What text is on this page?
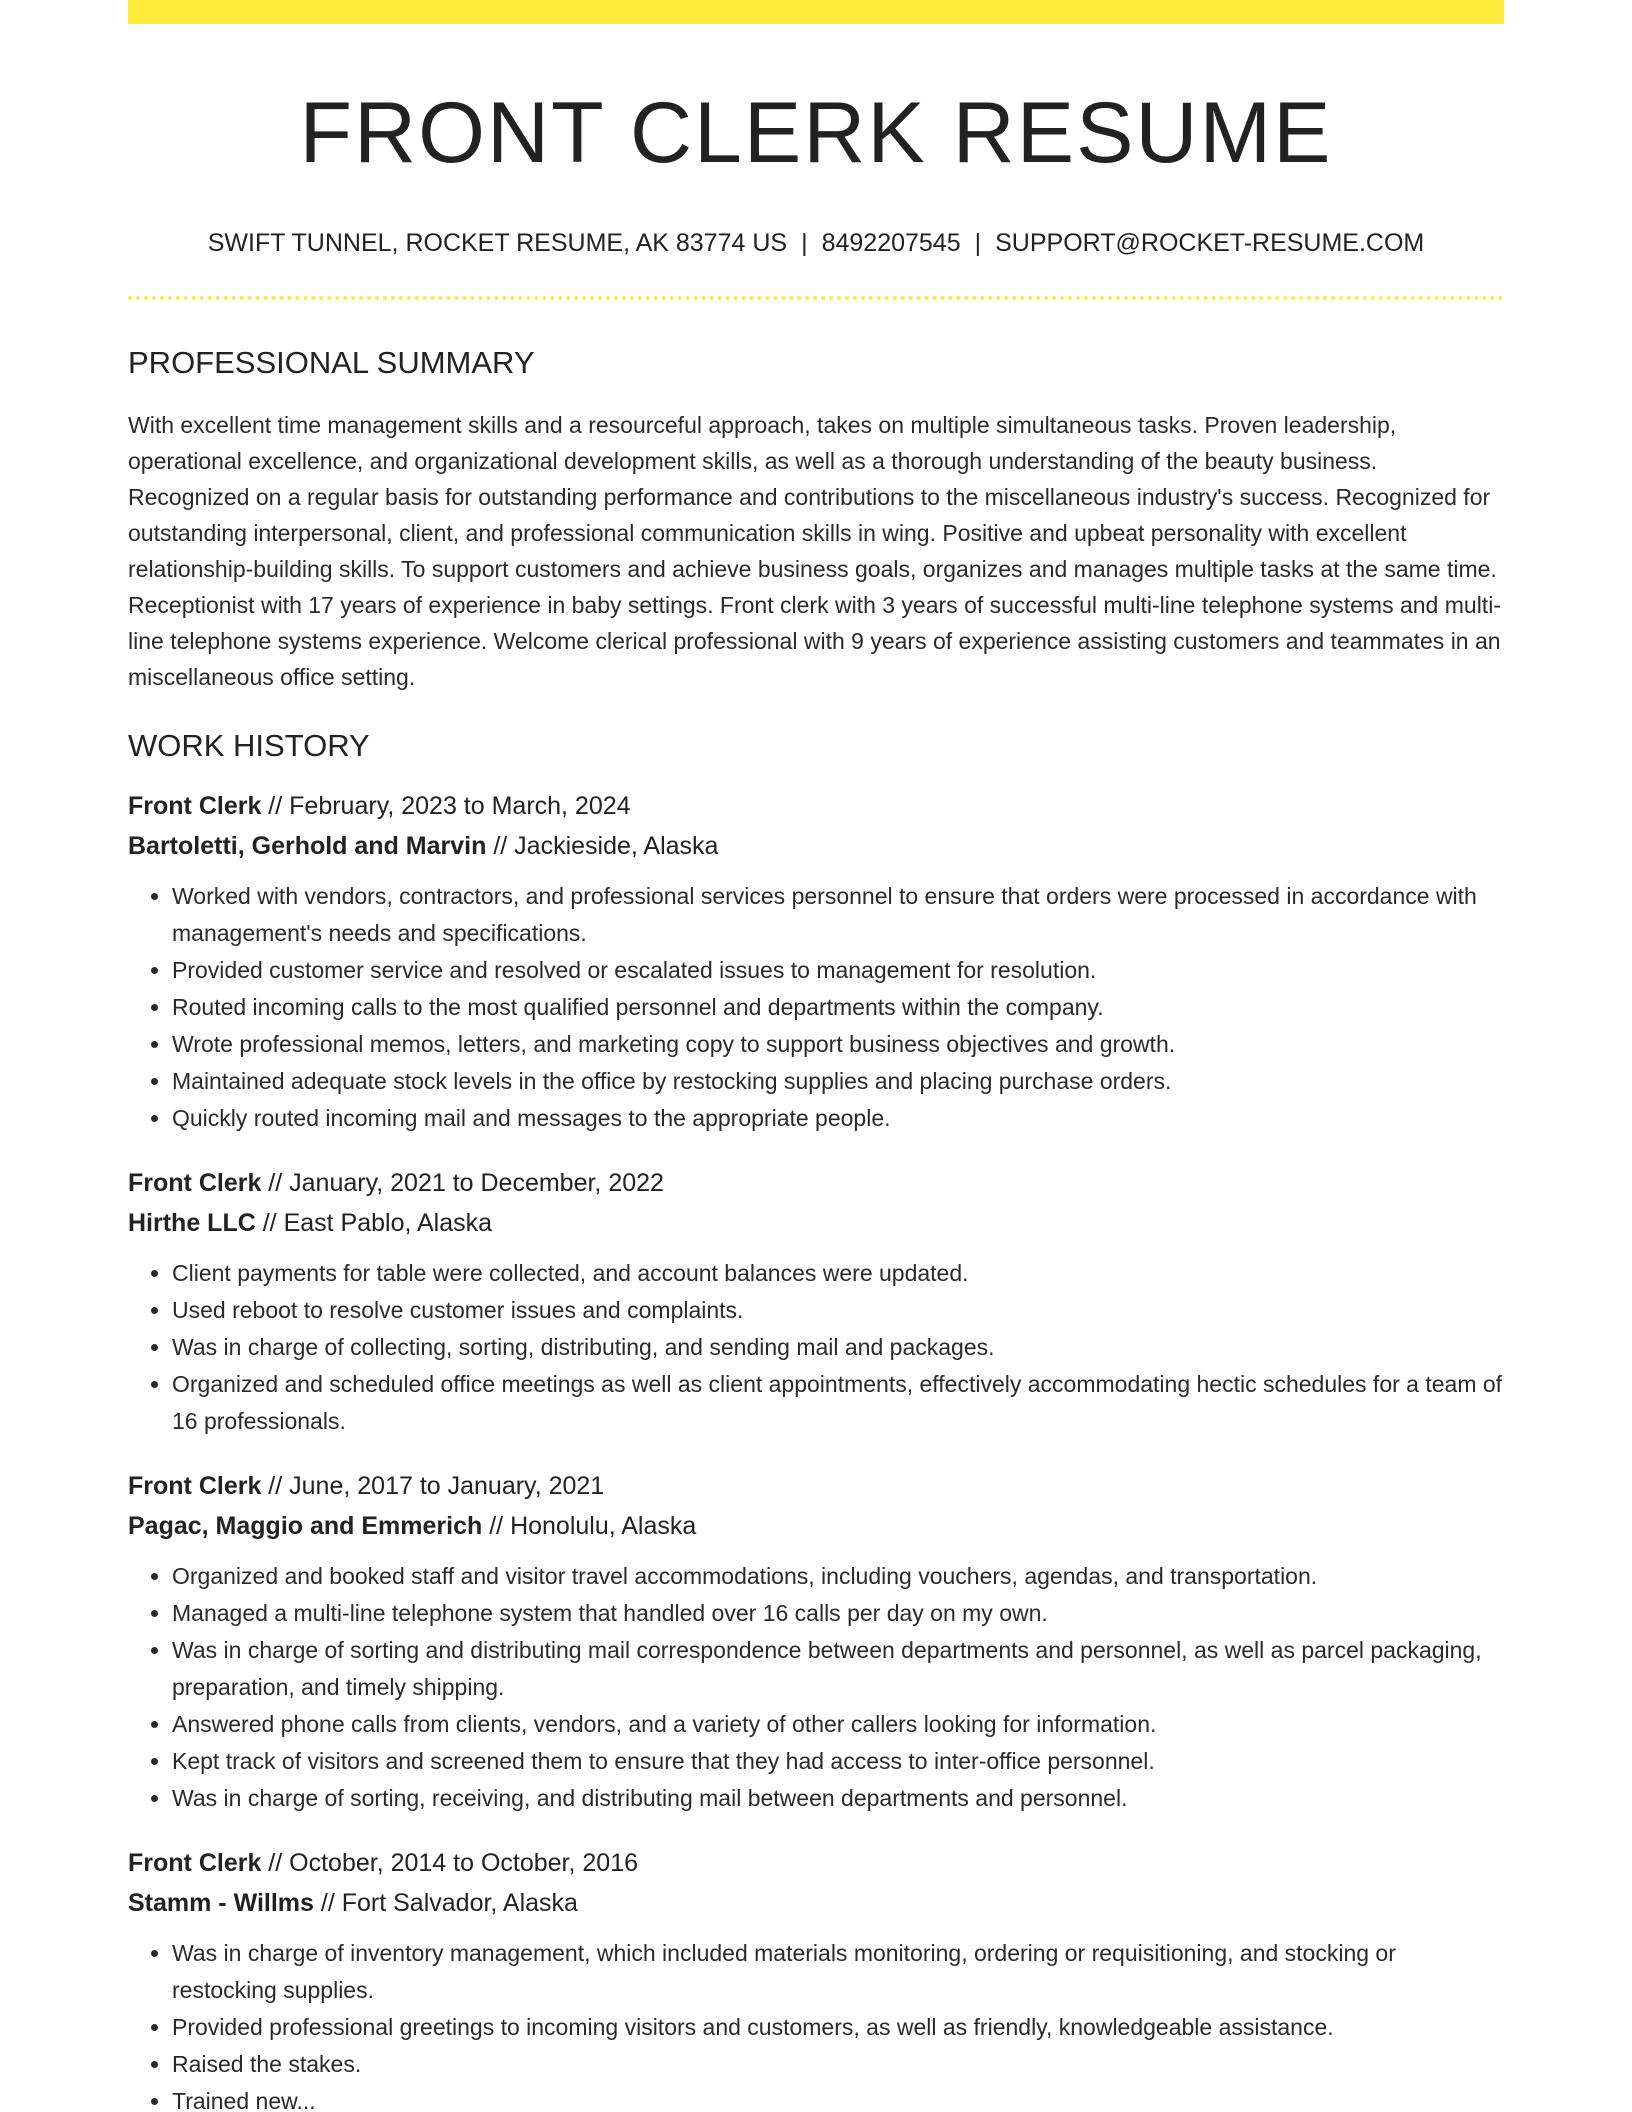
FRONT CLERK RESUME
SWIFT TUNNEL, ROCKET RESUME, AK 83774 US | 8492207545 | SUPPORT@ROCKET-RESUME.COM
PROFESSIONAL SUMMARY

With excellent time management skills and a resourceful approach, takes on multiple simultaneous tasks. Proven leadership, operational excellence, and organizational development skills, as well as a thorough understanding of the beauty business. Recognized on a regular basis for outstanding performance and contributions to the miscellaneous industry's success. Recognized for outstanding interpersonal, client, and professional communication skills in wing. Positive and upbeat personality with excellent relationship-building skills. To support customers and achieve business goals, organizes and manages multiple tasks at the same time. Receptionist with 17 years of experience in baby settings. Front clerk with 3 years of successful multi-line telephone systems and multi-line telephone systems experience. Welcome clerical professional with 9 years of experience assisting customers and teammates in an miscellaneous office setting.

WORK HISTORY
Front Clerk // February, 2023 to March, 2024
Bartoletti, Gerhold and Marvin // Jackieside, Alaska
• Worked with vendors, contractors, and professional services personnel to ensure that orders were processed in accordance with management's needs and specifications.
• Provided customer service and resolved or escalated issues to management for resolution.
• Routed incoming calls to the most qualified personnel and departments within the company.
• Wrote professional memos, letters, and marketing copy to support business objectives and growth.
• Maintained adequate stock levels in the office by restocking supplies and placing purchase orders.
• Quickly routed incoming mail and messages to the appropriate people.
Front Clerk // January, 2021 to December, 2022
Hirthe LLC // East Pablo, Alaska
• Client payments for table were collected, and account balances were updated.
• Used reboot to resolve customer issues and complaints.
• Was in charge of collecting, sorting, distributing, and sending mail and packages.
• Organized and scheduled office meetings as well as client appointments, effectively accommodating hectic schedules for a team of 16 professionals.
Front Clerk // June, 2017 to January, 2021
Pagac, Maggio and Emmerich // Honolulu, Alaska
• Organized and booked staff and visitor travel accommodations, including vouchers, agendas, and transportation.
• Managed a multi-line telephone system that handled over 16 calls per day on my own.
• Was in charge of sorting and distributing mail correspondence between departments and personnel, as well as parcel packaging, preparation, and timely shipping.
• Answered phone calls from clients, vendors, and a variety of other callers looking for information.
• Kept track of visitors and screened them to ensure that they had access to inter-office personnel.
• Was in charge of sorting, receiving, and distributing mail between departments and personnel.
Front Clerk // October, 2014 to October, 2016
Stamm - Willms // Fort Salvador, Alaska
• Was in charge of inventory management, which included materials monitoring, ordering or requisitioning, and stocking or restocking supplies.
• Provided professional greetings to incoming visitors and customers, as well as friendly, knowledgeable assistance.
• Raised the stakes.
• Trained new...
